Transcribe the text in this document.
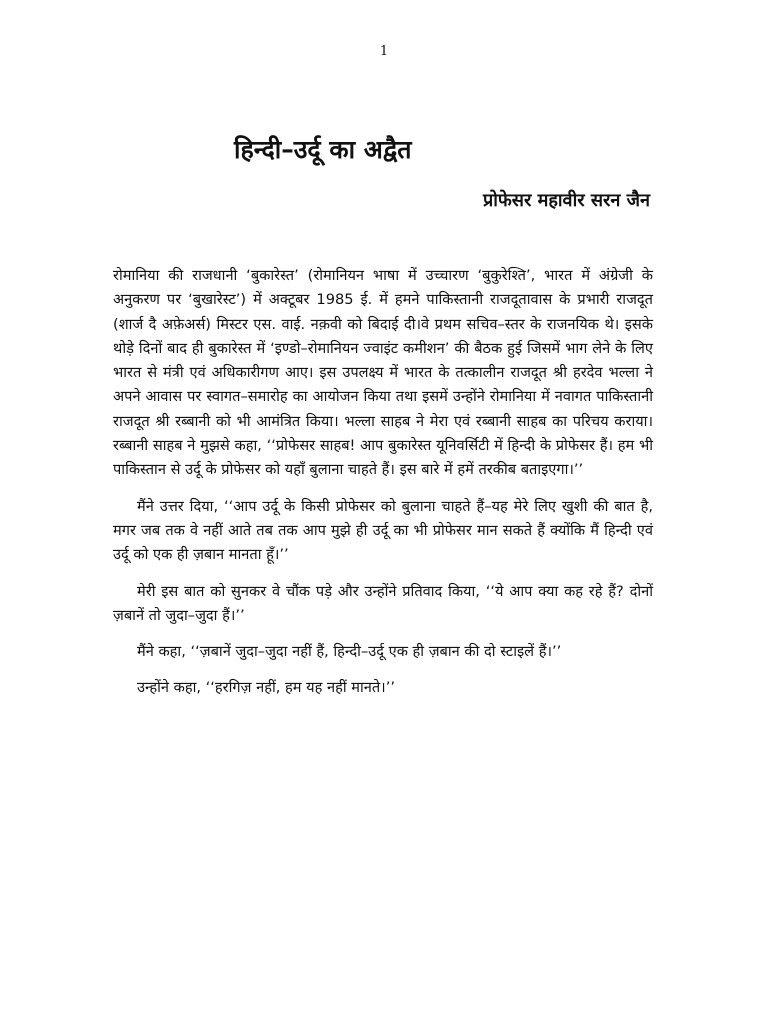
1
हिन्दी–उर्दू का अद्वैत
प्रोफेसर महावीर सरन जैन

रोमानिया की राजधानी ‘बुकारेस्त’ (रोमानियन भाषा में उच्चारण ‘बुकुरेश्ति’, भारत में अंग्रेजी के अनुकरण पर ‘बुखारेस्ट’) में अक्टूबर 1985 ई. में हमने पाकिस्तानी राजदूतावास के प्रभारी राजदूत (शार्ज दै अफ़ेअर्स) मिस्टर एस. वाई. नक़वी को बिदाई दी।वे प्रथम सचिव–स्तर के राजनयिक थे। इसके थोड़े दिनों बाद ही बुकारेस्त में ‘इण्डो–रोमानियन ज्वाइंट कमीशन’ की बैठक हुई जिसमें भाग लेने के लिए भारत से मंत्री एवं अधिकारीगण आए। इस उपलक्ष्य में भारत के तत्कालीन राजदूत श्री हरदेव भल्ला ने अपने आवास पर स्वागत–समारोह का आयोजन किया तथा इसमें उन्होंने रोमानिया में नवागत पाकिस्तानी राजदूत श्री रब्बानी को भी आमंत्रित किया। भल्ला साहब ने मेरा एवं रब्बानी साहब का परिचय कराया। रब्बानी साहब ने मुझसे कहा, ‘‘प्रोफेसर साहब! आप बुकारेस्त यूनिवर्सिटी में हिन्दी के प्रोफेसर हैं। हम भी पाकिस्तान से उर्दू के प्रोफेसर को यहाँ बुलाना चाहते हैं। इस बारे में हमें तरकीब बताइएगा।’’

मैंने उत्तर दिया, ‘‘आप उर्दू के किसी प्रोफेसर को बुलाना चाहते हैं–यह मेरे लिए खुशी की बात है, मगर जब तक वे नहीं आते तब तक आप मुझे ही उर्दू का भी प्रोफेसर मान सकते हैं क्योंकि मैं हिन्दी एवं उर्दू को एक ही ज़बान मानता हूँ।’’

मेरी इस बात को सुनकर वे चौंक पड़े और उन्होंने प्रतिवाद किया, ‘‘ये आप क्या कह रहे हैं? दोनों ज़बानें तो जुदा–जुदा हैं।’’

मैंने कहा, ‘‘ज़बानें जुदा–जुदा नहीं हैं, हिन्दी–उर्दू एक ही ज़बान की दो स्टाइलें हैं।’’

उन्होंने कहा, ‘‘हरगिज़ नहीं, हम यह नहीं मानते।’’
